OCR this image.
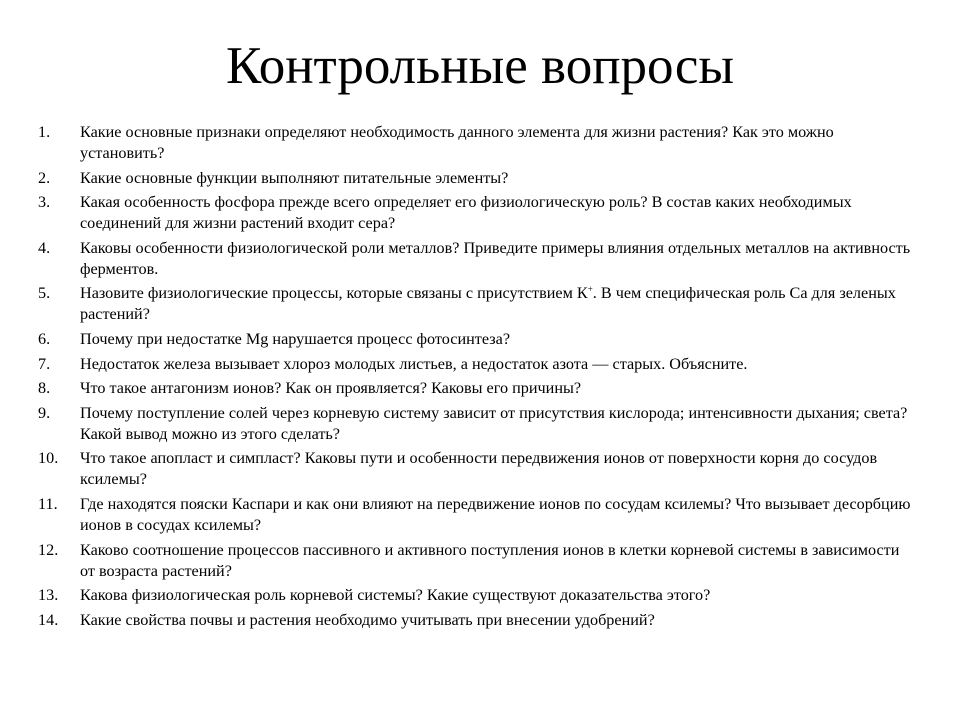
Контрольные вопросы
1.	Какие основные признаки определяют необходимость данного элемента для жизни растения? Как это можно установить?
2.	Какие основные функции выполняют питательные элементы?
3.	Какая особенность фосфора прежде всего определяет его физиологическую роль? В состав каких необходимых соединений для жизни растений входит сера?
4.	Каковы особенности физиологической роли металлов? Приведите примеры влияния отдельных металлов на активность ферментов.
5.	Назовите физиологические процессы, которые связаны с присутствием К+. В чем специфическая роль Са для зеленых растений?
6.	Почему при недостатке Mg нарушается процесс фотосинтеза?
7.	Недостаток железа вызывает хлороз молодых листьев, а недостаток азота — старых. Объясните.
8.	Что такое антагонизм ионов? Как он проявляется? Каковы его причины?
9.	Почему поступление солей через корневую систему зависит от присутствия кислорода; интенсивности дыхания; света? Какой вывод можно из этого сделать?
10.	Что такое апопласт и симпласт? Каковы пути и особенности передвижения ионов от поверхности корня до сосудов ксилемы?
11.	Где находятся пояски Каспари и как они влияют на передвижение ионов по сосудам ксилемы? Что вызывает десорбцию ионов в сосудах ксилемы?
12.	Каково соотношение процессов пассивного и активного поступления ионов в клетки корневой системы в зависимости от возраста растений?
13.	Какова физиологическая роль корневой системы? Какие существуют доказательства этого?
14.	Какие свойства почвы и растения необходимо учитывать при внесении удобрений?
